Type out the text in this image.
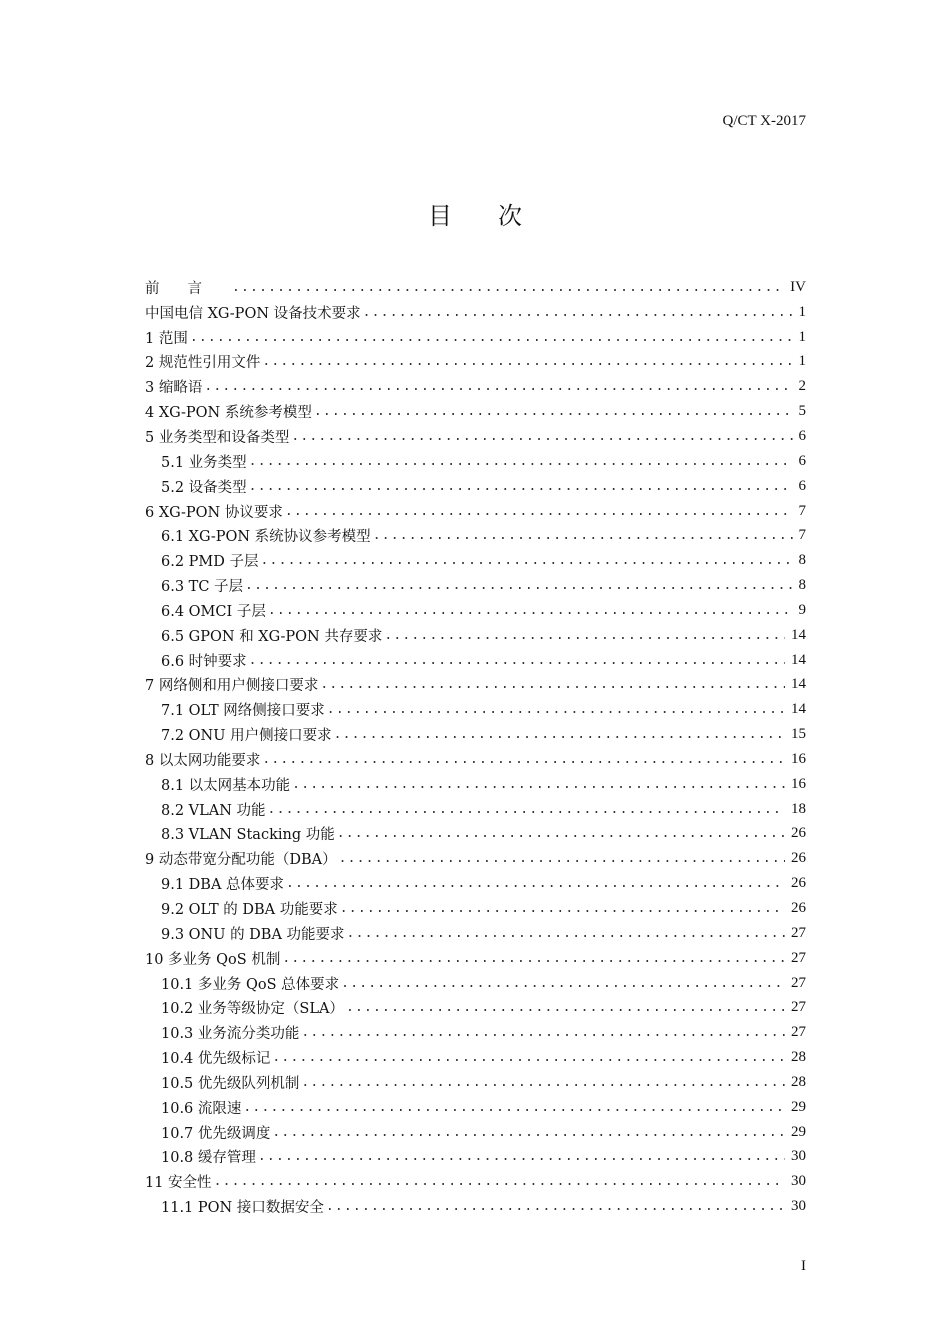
Q/CT X-2017
目次
前言 .....	IV
中国电信 XG-PON 设备技术要求 .....	1
1 范围 .....	1
2 规范性引用文件 .....	1
3 缩略语 .....	2
4 XG-PON 系统参考模型 .....	5
5 业务类型和设备类型 .....	6
5.1 业务类型 .....	6
5.2 设备类型 .....	6
6 XG-PON 协议要求 .....	7
6.1 XG-PON 系统协议参考模型 .....	7
6.2 PMD 子层 .....	8
6.3 TC 子层 .....	8
6.4 OMCI 子层 .....	9
6.5 GPON 和 XG-PON 共存要求 .....	14
6.6 时钟要求 .....	14
7 网络侧和用户侧接口要求 .....	14
7.1 OLT 网络侧接口要求 .....	14
7.2 ONU 用户侧接口要求 .....	15
8 以太网功能要求 .....	16
8.1 以太网基本功能 .....	16
8.2 VLAN 功能 .....	18
8.3 VLAN Stacking 功能 .....	26
9 动态带宽分配功能（DBA） .....	26
9.1 DBA 总体要求 .....	26
9.2 OLT 的 DBA 功能要求 .....	26
9.3 ONU 的 DBA 功能要求 .....	27
10 多业务 QoS 机制 .....	27
10.1 多业务 QoS 总体要求 .....	27
10.2 业务等级协定（SLA） .....	27
10.3 业务流分类功能 .....	27
10.4 优先级标记 .....	28
10.5 优先级队列机制 .....	28
10.6 流限速 .....	29
10.7 优先级调度 .....	29
10.8 缓存管理 .....	30
11 安全性 .....	30
11.1 PON 接口数据安全 .....	30
I
